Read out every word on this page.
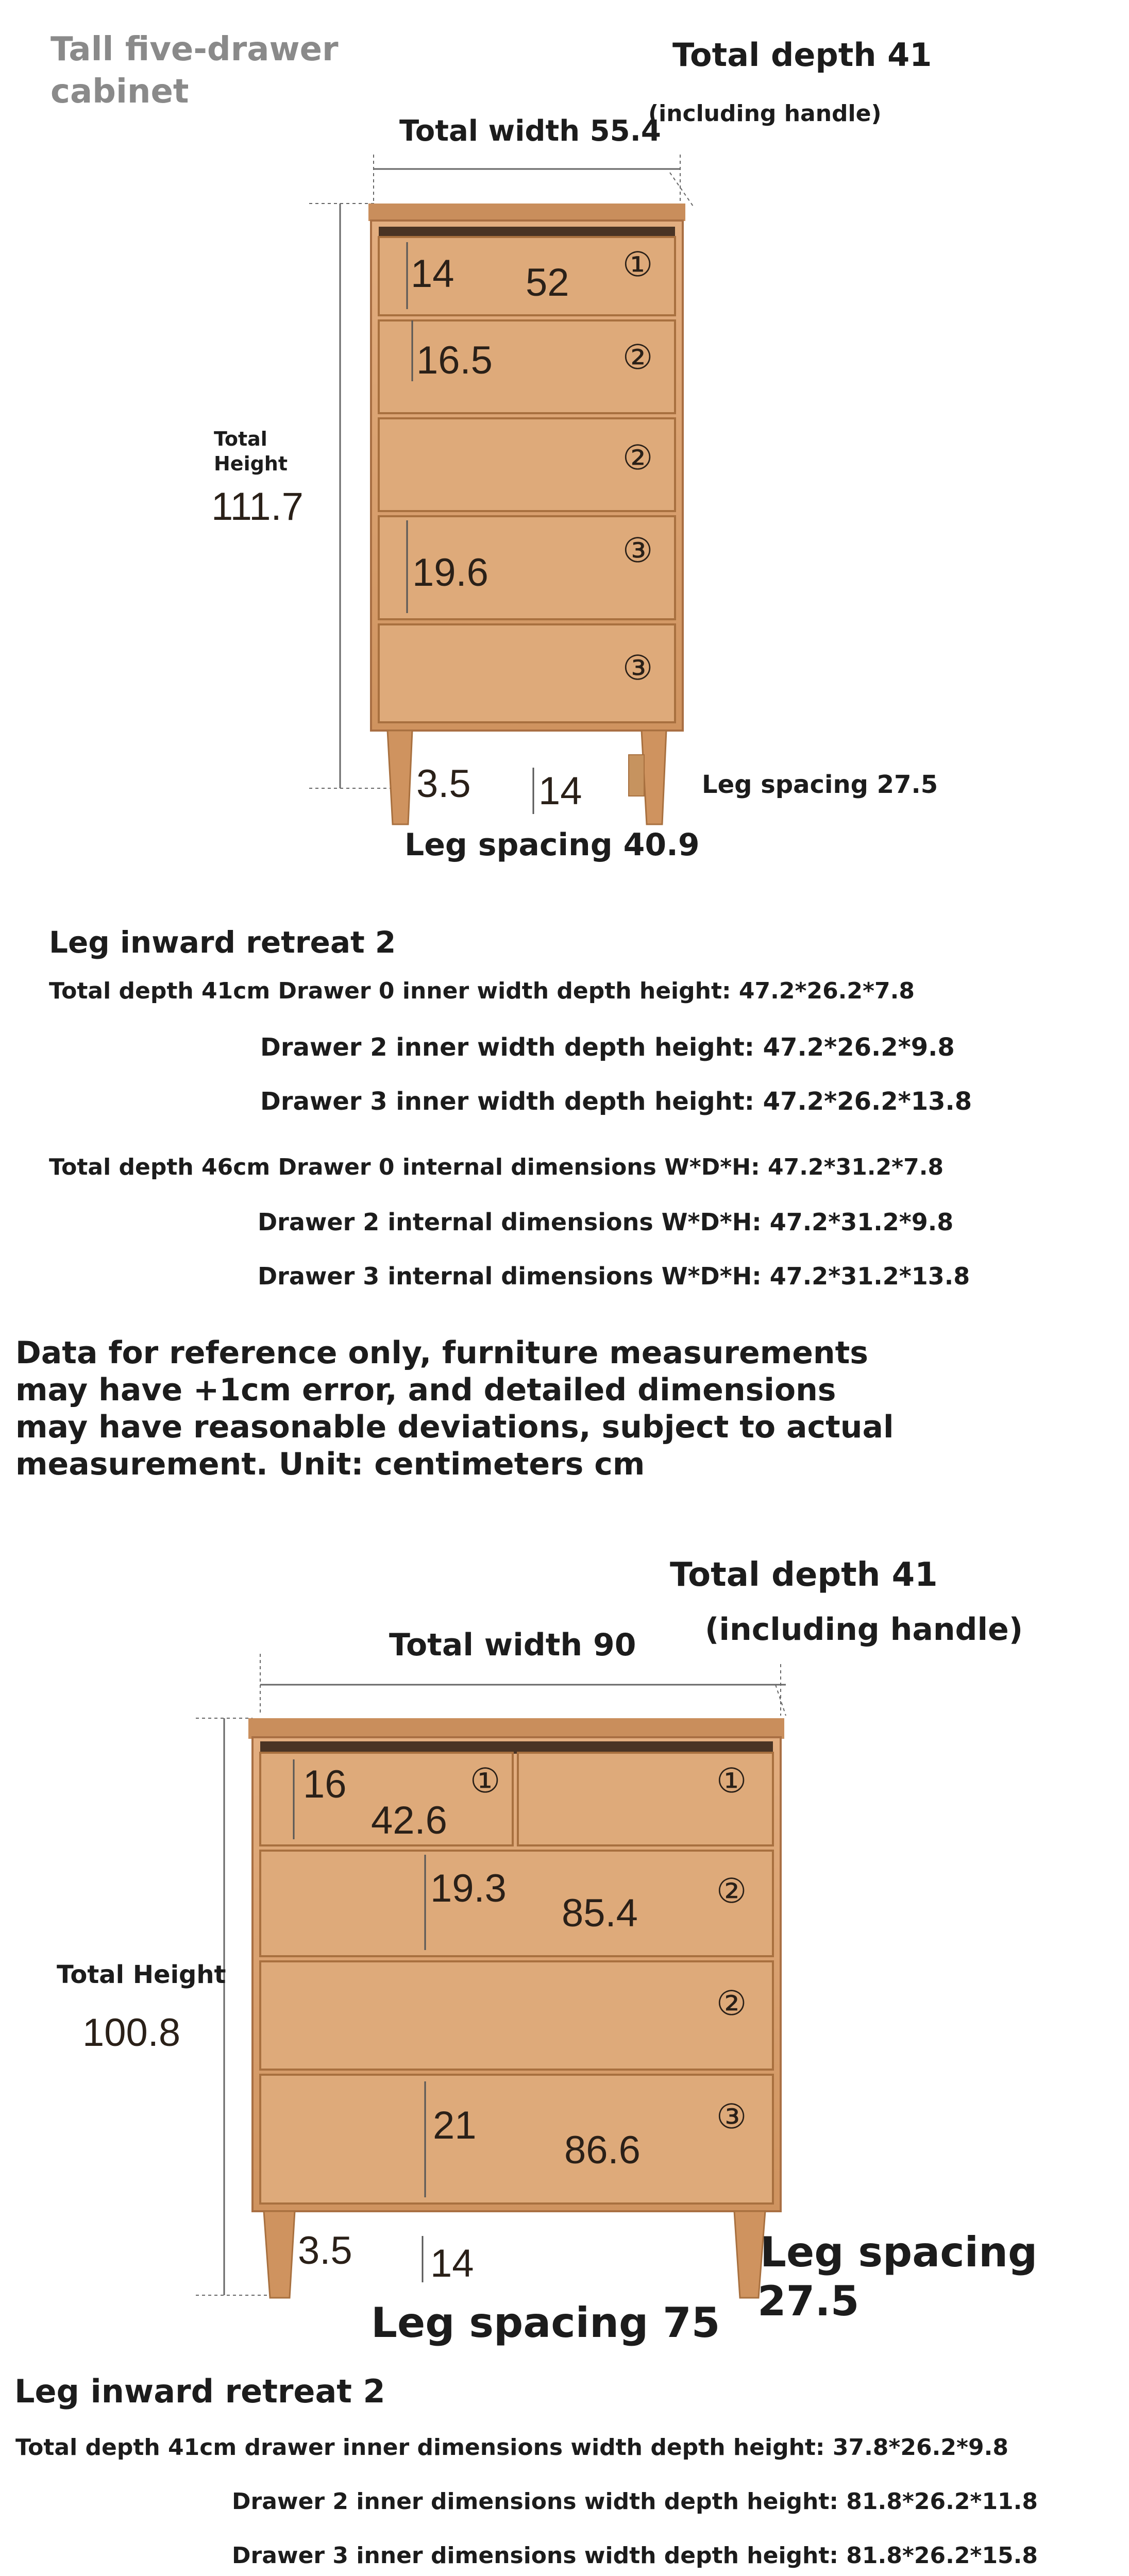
Tall five-drawer cabinet
Total depth 41
(including handle)
Total width 55.4
Total Height
111.7
14 52 ①
16.5	②
②
19.6
③
③
3.5 14	Leg spacing 27.5
Leg spacing 40.9
Leg inward retreat 2
Total depth 41cm Drawer 0 inner width depth height: 47.2*26.2*7.8
Drawer 2 inner width depth height: 47.2*26.2*9.8
Drawer 3 inner width depth height: 47.2*26.2*13.8
Total depth 46cm Drawer 0 internal dimensions W*D*H: 47.2*31.2*7.8
Drawer 2 internal dimensions W*D*H: 47.2*31.2*9.8
Drawer 3 internal dimensions W*D*H: 47.2*31.2*13.8
Data for reference only, furniture measurements
may have +1cm error, and detailed dimensions
may have reasonable deviations, subject to actual
measurement. Unit: centimeters cm
Total depth 41
(including handle)
Total width 90
Total Height
100.8
16
42.6
①	①
19.3
85.4
②
②
21
86.6
③
3.5 14	Leg spacing
27.5
Leg spacing 75
Leg inward retreat 2
Total depth 41cm drawer inner dimensions width depth height: 37.8*26.2*9.8
Drawer 2 inner dimensions width depth height: 81.8*26.2*11.8
Drawer 3 inner dimensions width depth height: 81.8*26.2*15.8
